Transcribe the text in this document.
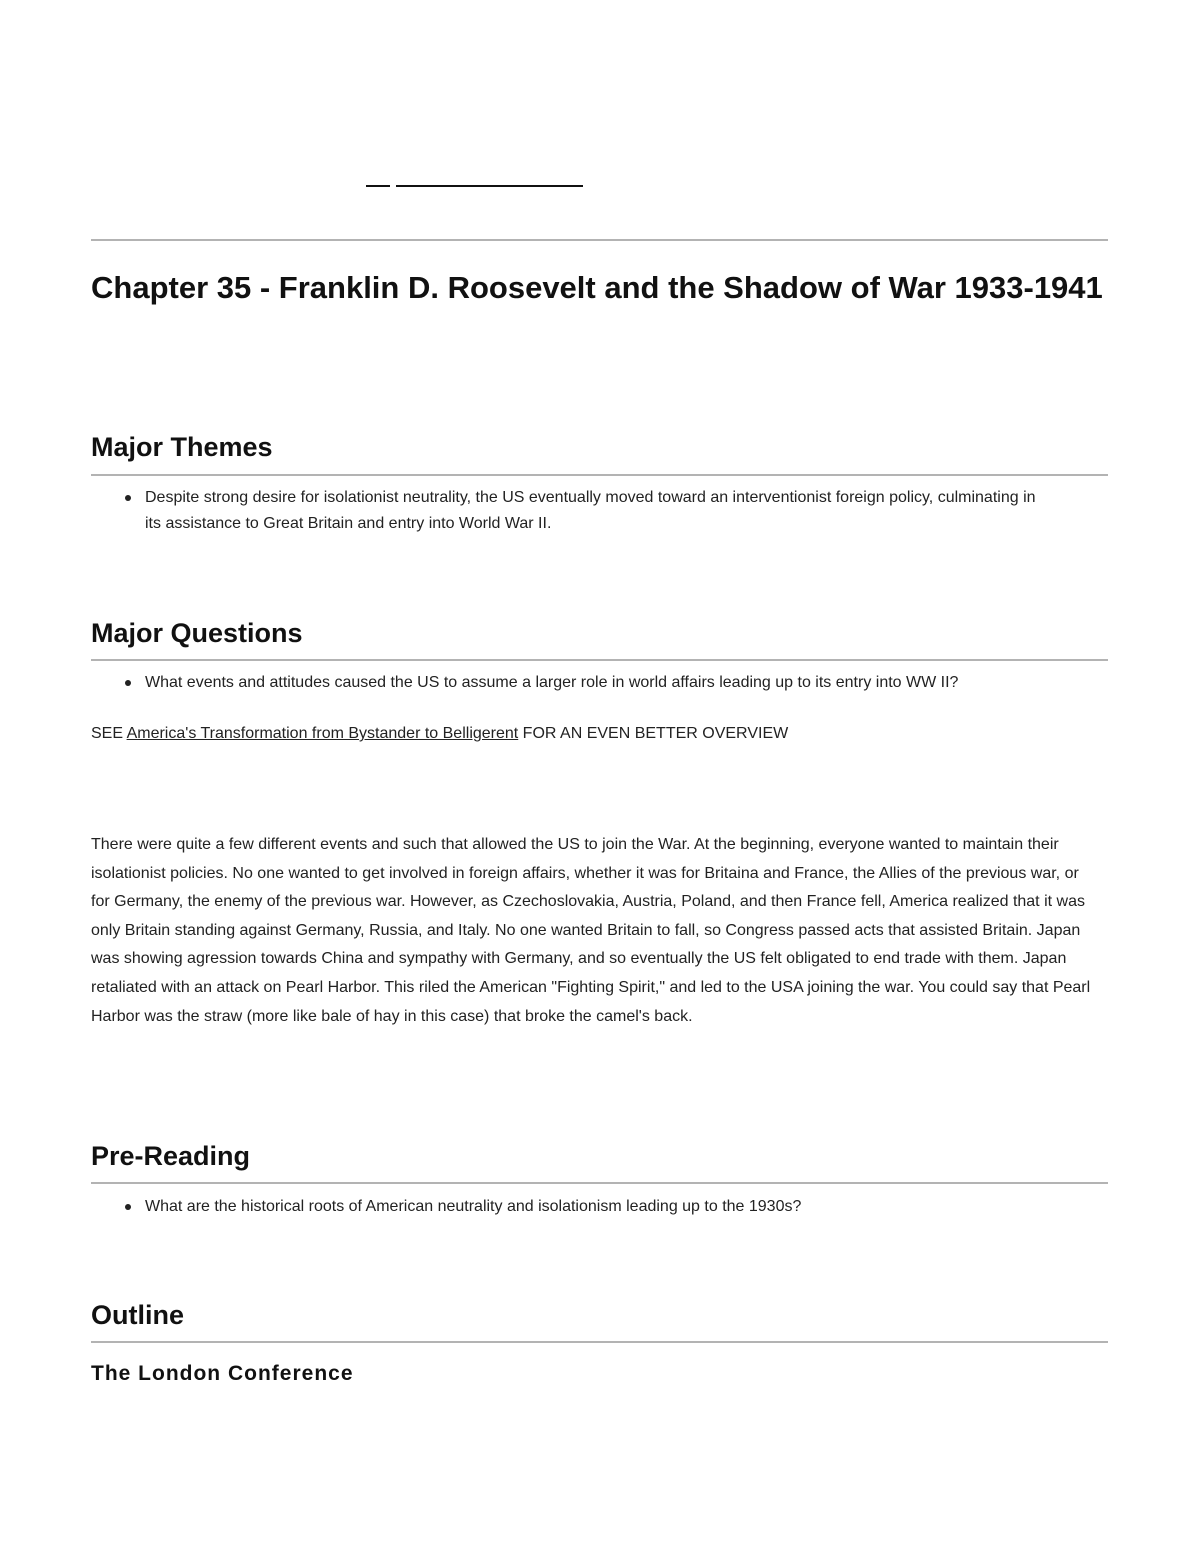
Chapter 35 - Franklin D. Roosevelt and the Shadow of War 1933-1941
Major Themes
Despite strong desire for isolationist neutrality, the US eventually moved toward an interventionist foreign policy, culminating in its assistance to Great Britain and entry into World War II.
Major Questions
What events and attitudes caused the US to assume a larger role in world affairs leading up to its entry into WW II?

SEE America's Transformation from Bystander to Belligerent FOR AN EVEN BETTER OVERVIEW

There were quite a few different events and such that allowed the US to join the War. At the beginning, everyone wanted to maintain their isolationist policies. No one wanted to get involved in foreign affairs, whether it was for Britaina and France, the Allies of the previous war, or for Germany, the enemy of the previous war. However, as Czechoslovakia, Austria, Poland, and then France fell, America realized that it was only Britain standing against Germany, Russia, and Italy. No one wanted Britain to fall, so Congress passed acts that assisted Britain. Japan was showing agression towards China and sympathy with Germany, and so eventually the US felt obligated to end trade with them. Japan retaliated with an attack on Pearl Harbor. This riled the American "Fighting Spirit," and led to the USA joining the war. You could say that Pearl Harbor was the straw (more like bale of hay in this case) that broke the camel's back.

Pre-Reading
What are the historical roots of American neutrality and isolationism leading up to the 1930s?
Outline
The London Conference
